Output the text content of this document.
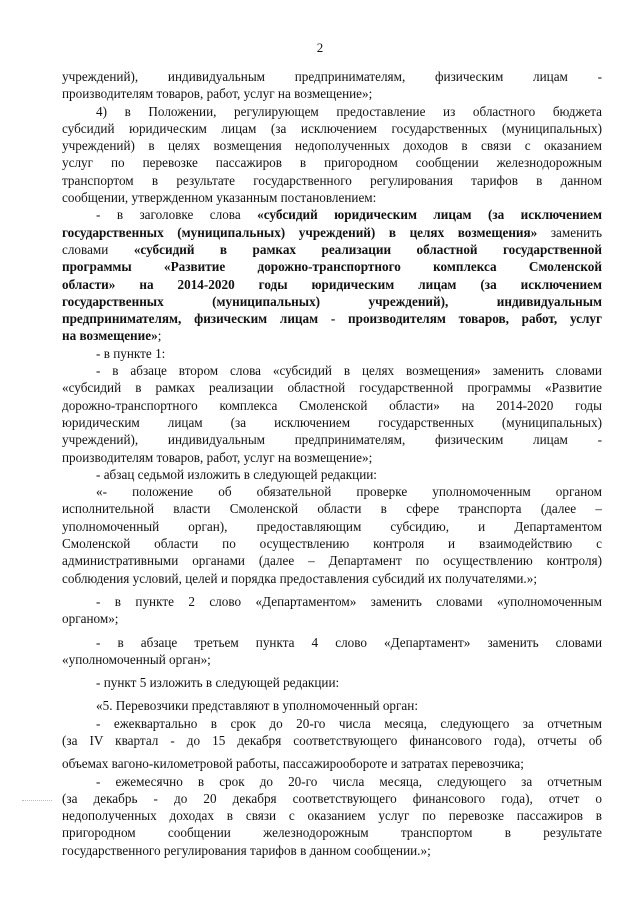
2
учреждений), индивидуальным предпринимателям, физическим лицам -
производителям товаров, работ, услуг на возмещение»;
4) в Положении, регулирующем предоставление из областного бюджета
субсидий юридическим лицам (за исключением государственных (муниципальных)
учреждений) в целях возмещения недополученных доходов в связи с оказанием
услуг по перевозке пассажиров в пригородном сообщении железнодорожным
транспортом в результате государственного регулирования тарифов в данном
сообщении, утвержденном указанным постановлением:
- в заголовке слова «субсидий юридическим лицам (за исключением
государственных (муниципальных) учреждений) в целях возмещения» заменить
словами «субсидий в рамках реализации областной государственной
программы «Развитие дорожно-транспортного комплекса Смоленской
области» на 2014-2020 годы юридическим лицам (за исключением
государственных (муниципальных) учреждений), индивидуальным
предпринимателям, физическим лицам - производителям товаров, работ, услуг
на возмещение»;
- в пункте 1:
- в абзаце втором слова «субсидий в целях возмещения» заменить словами
«субсидий в рамках реализации областной государственной программы «Развитие
дорожно-транспортного комплекса Смоленской области» на 2014-2020 годы
юридическим лицам (за исключением государственных (муниципальных)
учреждений), индивидуальным предпринимателям, физическим лицам -
производителям товаров, работ, услуг на возмещение»;
- абзац седьмой изложить в следующей редакции:
«- положение об обязательной проверке уполномоченным органом
исполнительной власти Смоленской области в сфере транспорта (далее –
уполномоченный орган), предоставляющим субсидию, и Департаментом
Смоленской области по осуществлению контроля и взаимодействию с
административными органами (далее – Департамент по осуществлению контроля)
соблюдения условий, целей и порядка предоставления субсидий их получателями.»;
- в пункте 2 слово «Департаментом» заменить словами «уполномоченным
органом»;
- в абзаце третьем пункта 4 слово «Департамент» заменить словами
«уполномоченный орган»;
- пункт 5 изложить в следующей редакции:
«5. Перевозчики представляют в уполномоченный орган:
- ежеквартально в срок до 20-го числа месяца, следующего за отчетным
(за IV квартал - до 15 декабря соответствующего финансового года), отчеты об
объемах вагоно-километровой работы, пассажирообороте и затратах перевозчика;
- ежемесячно в срок до 20-го числа месяца, следующего за отчетным
(за декабрь - до 20 декабря соответствующего финансового года), отчет о
недополученных доходах в связи с оказанием услуг по перевозке пассажиров в
пригородном сообщении железнодорожным транспортом в результате
государственного регулирования тарифов в данном сообщении.»;
